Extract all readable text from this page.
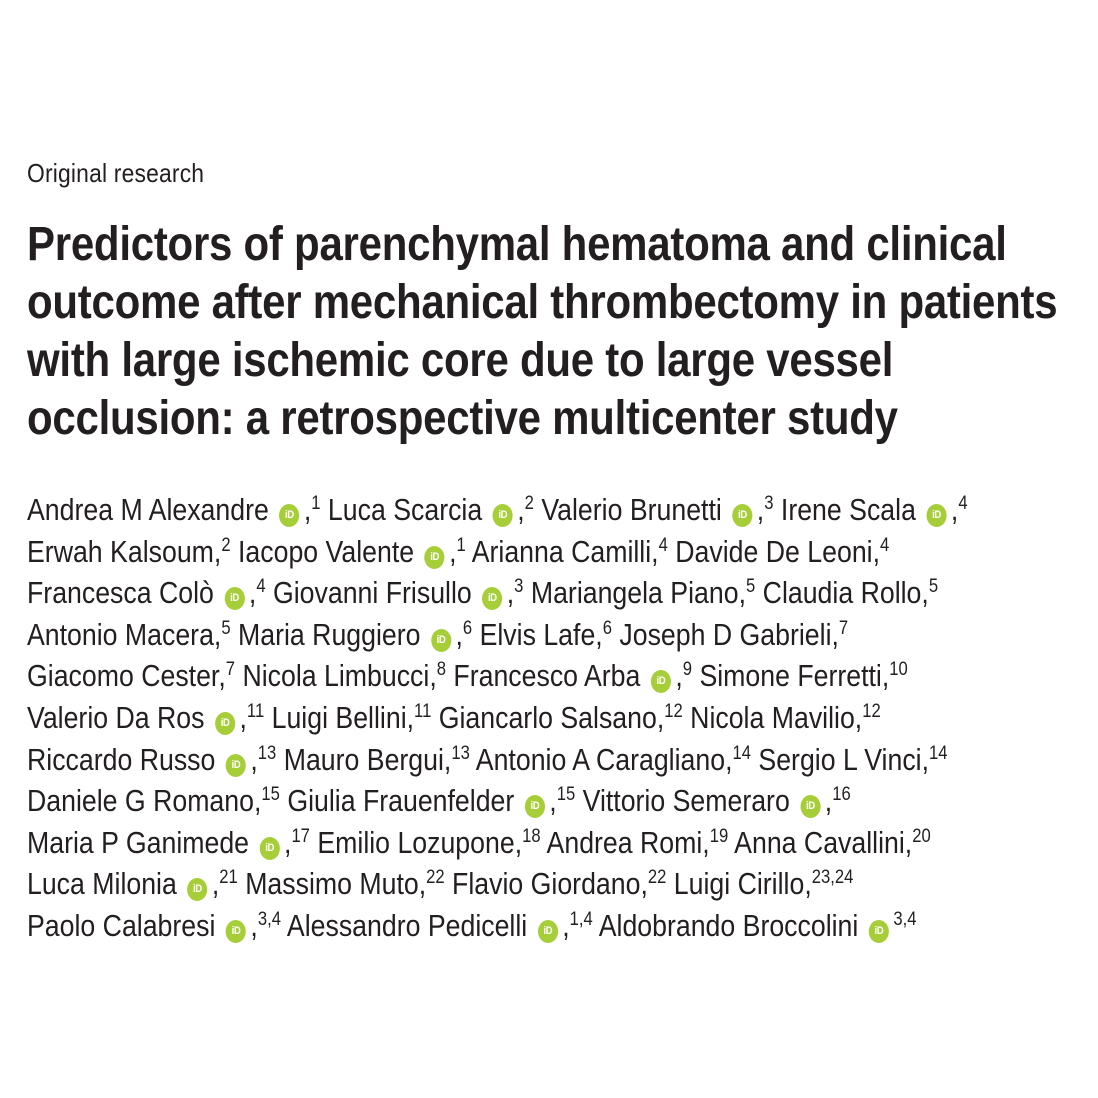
Original research
Predictors of parenchymal hematoma and clinical
outcome after mechanical thrombectomy in patients
with large ischemic core due to large vessel
occlusion: a retrospective multicenter study
Andrea M Alexandre iD ,$^1$ Luca Scarcia iD ,$^2$ Valerio Brunetti iD ,$^3$ Irene Scala iD ,$^4$
Erwah Kalsoum,$^2$ Iacopo Valente iD ,$^1$ Arianna Camilli,$^4$ Davide De Leoni,$^4$
Francesca Colò iD ,$^4$ Giovanni Frisullo iD ,$^3$ Mariangela Piano,$^5$ Claudia Rollo,$^5$
Antonio Macera,$^5$ Maria Ruggiero iD ,$^6$ Elvis Lafe,$^6$ Joseph D Gabrieli,$^7$
Giacomo Cester,$^7$ Nicola Limbucci,$^8$ Francesco Arba iD ,$^9$ Simone Ferretti,$^{10}$
Valerio Da Ros iD ,$^{11}$ Luigi Bellini,$^{11}$ Giancarlo Salsano,$^{12}$ Nicola Mavilio,$^{12}$
Riccardo Russo iD ,$^{13}$ Mauro Bergui,$^{13}$ Antonio A Caragliano,$^{14}$ Sergio L Vinci,$^{14}$
Daniele G Romano,$^{15}$ Giulia Frauenfelder iD ,$^{15}$ Vittorio Semeraro iD ,$^{16}$
Maria P Ganimede iD ,$^{17}$ Emilio Lozupone,$^{18}$ Andrea Romi,$^{19}$ Anna Cavallini,$^{20}$
Luca Milonia iD ,$^{21}$ Massimo Muto,$^{22}$ Flavio Giordano,$^{22}$ Luigi Cirillo,$^{23,24}$
Paolo Calabresi iD ,$^{3,4}$ Alessandro Pedicelli iD ,$^{1,4}$ Aldobrando Broccolini iD$^{3,4}$
